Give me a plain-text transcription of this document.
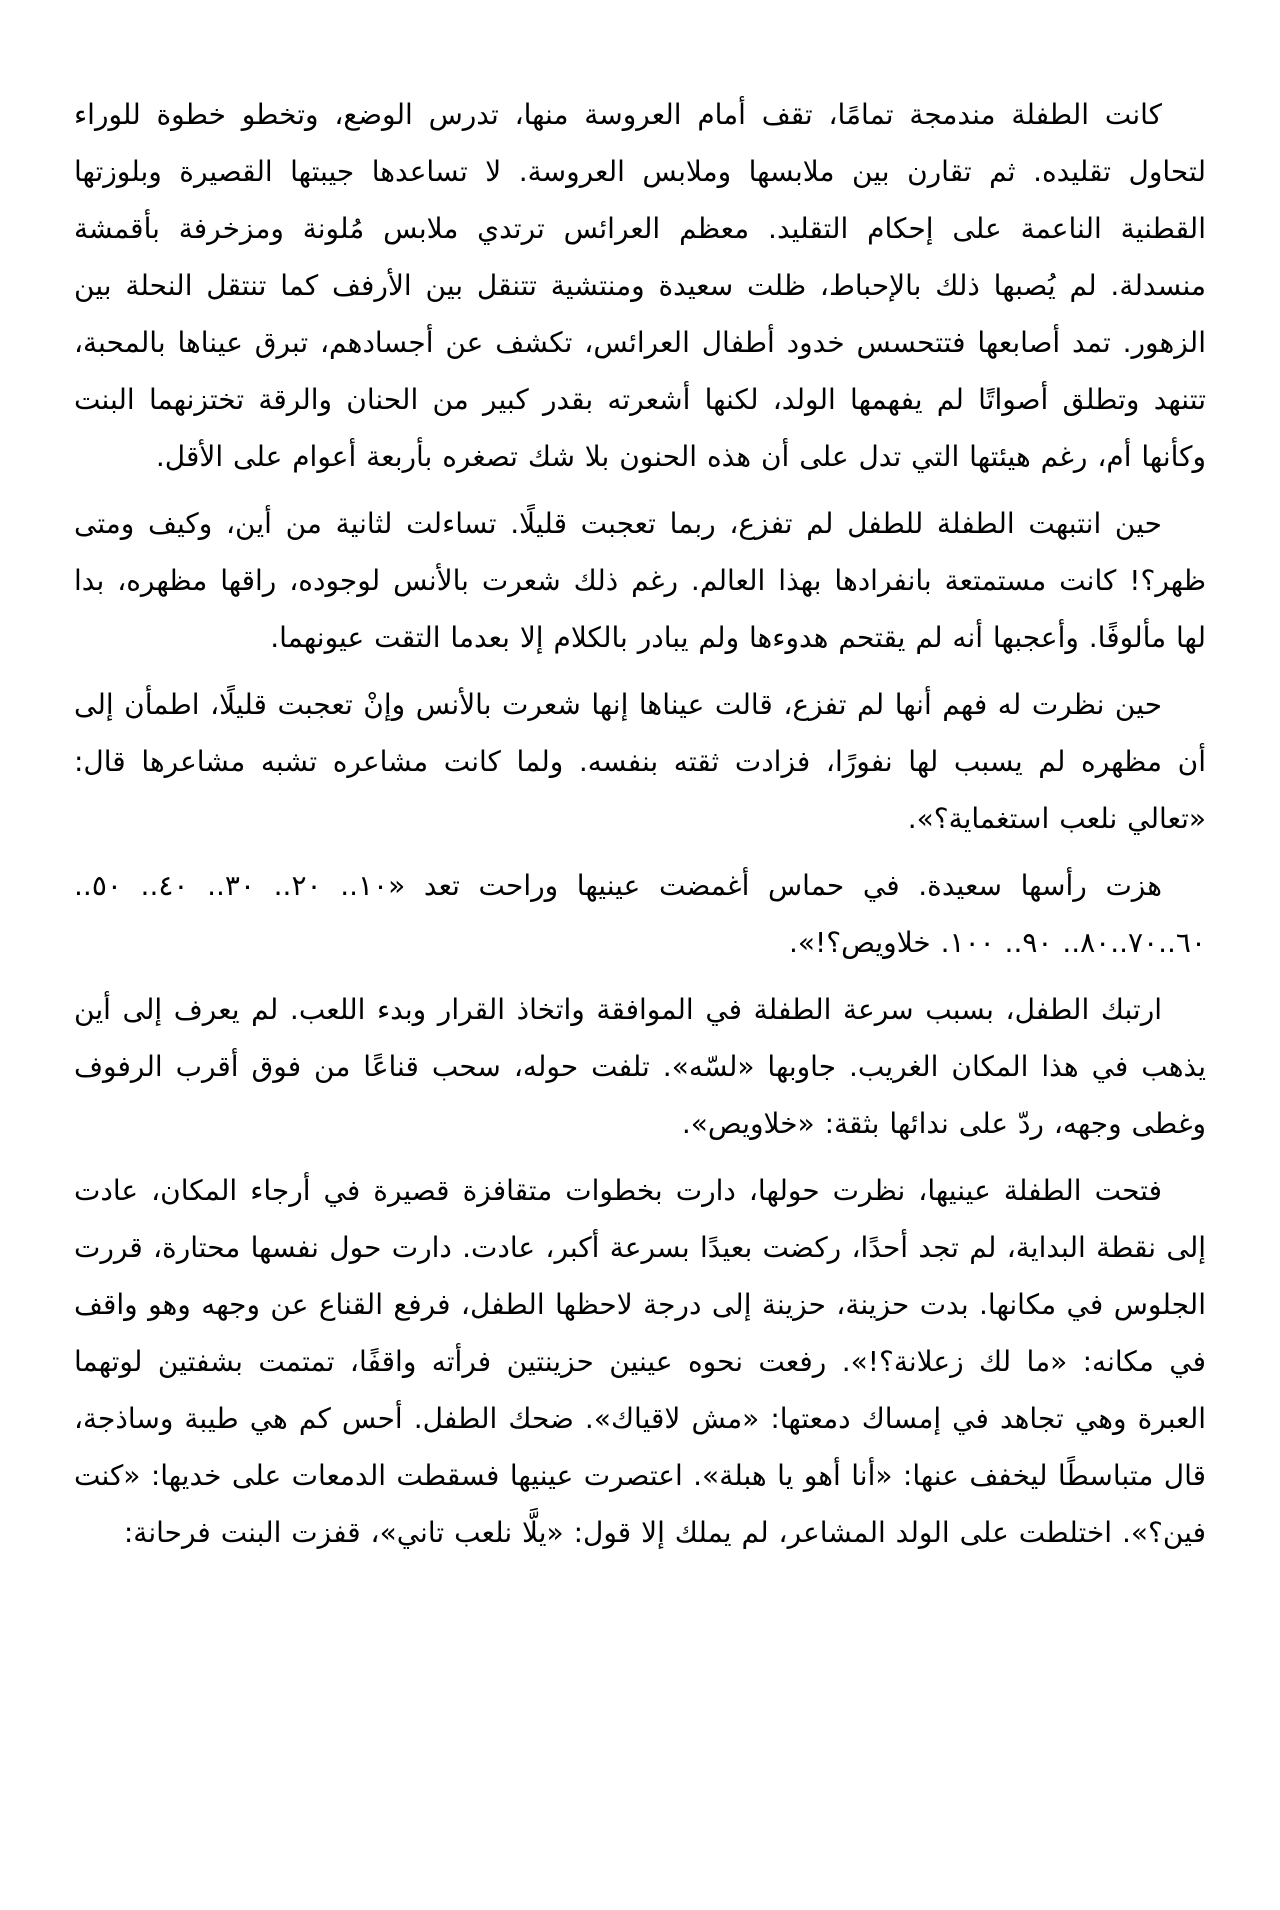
كانت الطفلة مندمجة تمامًا، تقف أمام العروسة منها، تدرس الوضع، وتخطو خطوة للوراء لتحاول تقليده. ثم تقارن بين ملابسها وملابس العروسة. لا تساعدها جيبتها القصيرة وبلوزتها القطنية الناعمة على إحكام التقليد. معظم العرائس ترتدي ملابس مُلونة ومزخرفة بأقمشة منسدلة. لم يُصبها ذلك بالإحباط، ظلت سعيدة ومنتشية تتنقل بين الأرفف كما تنتقل النحلة بين الزهور. تمد أصابعها فتتحسس خدود أطفال العرائس، تكشف عن أجسادهم، تبرق عيناها بالمحبة، تتنهد وتطلق أصواتًا لم يفهمها الولد، لكنها أشعرته بقدر كبير من الحنان والرقة تختزنهما البنت وكأنها أم، رغم هيئتها التي تدل على أن هذه الحنون بلا شك تصغره بأربعة أعوام على الأقل.

حين انتبهت الطفلة للطفل لم تفزع، ربما تعجبت قليلًا. تساءلت لثانية من أين، وكيف ومتى ظهر؟! كانت مستمتعة بانفرادها بهذا العالم. رغم ذلك شعرت بالأنس لوجوده، راقها مظهره، بدا لها مألوفًا. وأعجبها أنه لم يقتحم هدوءها ولم يبادر بالكلام إلا بعدما التقت عيونهما.

حين نظرت له فهم أنها لم تفزع، قالت عيناها إنها شعرت بالأنس وإنْ تعجبت قليلًا، اطمأن إلى أن مظهره لم يسبب لها نفورًا، فزادت ثقته بنفسه. ولما كانت مشاعره تشبه مشاعرها قال: «تعالي نلعب استغماية؟».

هزت رأسها سعيدة. في حماس أغمضت عينيها وراحت تعد «١٠.. ٢٠.. ٣٠.. ٤٠.. ٥٠.. ٦٠..٧٠..٨٠.. ٩٠.. ١٠٠. خلاويص؟!».

ارتبك الطفل، بسبب سرعة الطفلة في الموافقة واتخاذ القرار وبدء اللعب. لم يعرف إلى أين يذهب في هذا المكان الغريب. جاوبها «لسّه». تلفت حوله، سحب قناعًا من فوق أقرب الرفوف وغطى وجهه، ردّ على ندائها بثقة: «خلاويص».

فتحت الطفلة عينيها، نظرت حولها، دارت بخطوات متقافزة قصيرة في أرجاء المكان، عادت إلى نقطة البداية، لم تجد أحدًا، ركضت بعيدًا بسرعة أكبر، عادت. دارت حول نفسها محتارة، قررت الجلوس في مكانها. بدت حزينة، حزينة إلى درجة لاحظها الطفل، فرفع القناع عن وجهه وهو واقف في مكانه: «ما لك زعلانة؟!». رفعت نحوه عينين حزينتين فرأته واقفًا، تمتمت بشفتين لوتهما العبرة وهي تجاهد في إمساك دمعتها: «مش لاقياك». ضحك الطفل. أحس كم هي طيبة وساذجة، قال متباسطًا ليخفف عنها: «أنا أهو يا هبلة». اعتصرت عينيها فسقطت الدمعات على خديها: «كنت فين؟». اختلطت على الولد المشاعر، لم يملك إلا قول: «يلَّا نلعب تاني»، قفزت البنت فرحانة:
